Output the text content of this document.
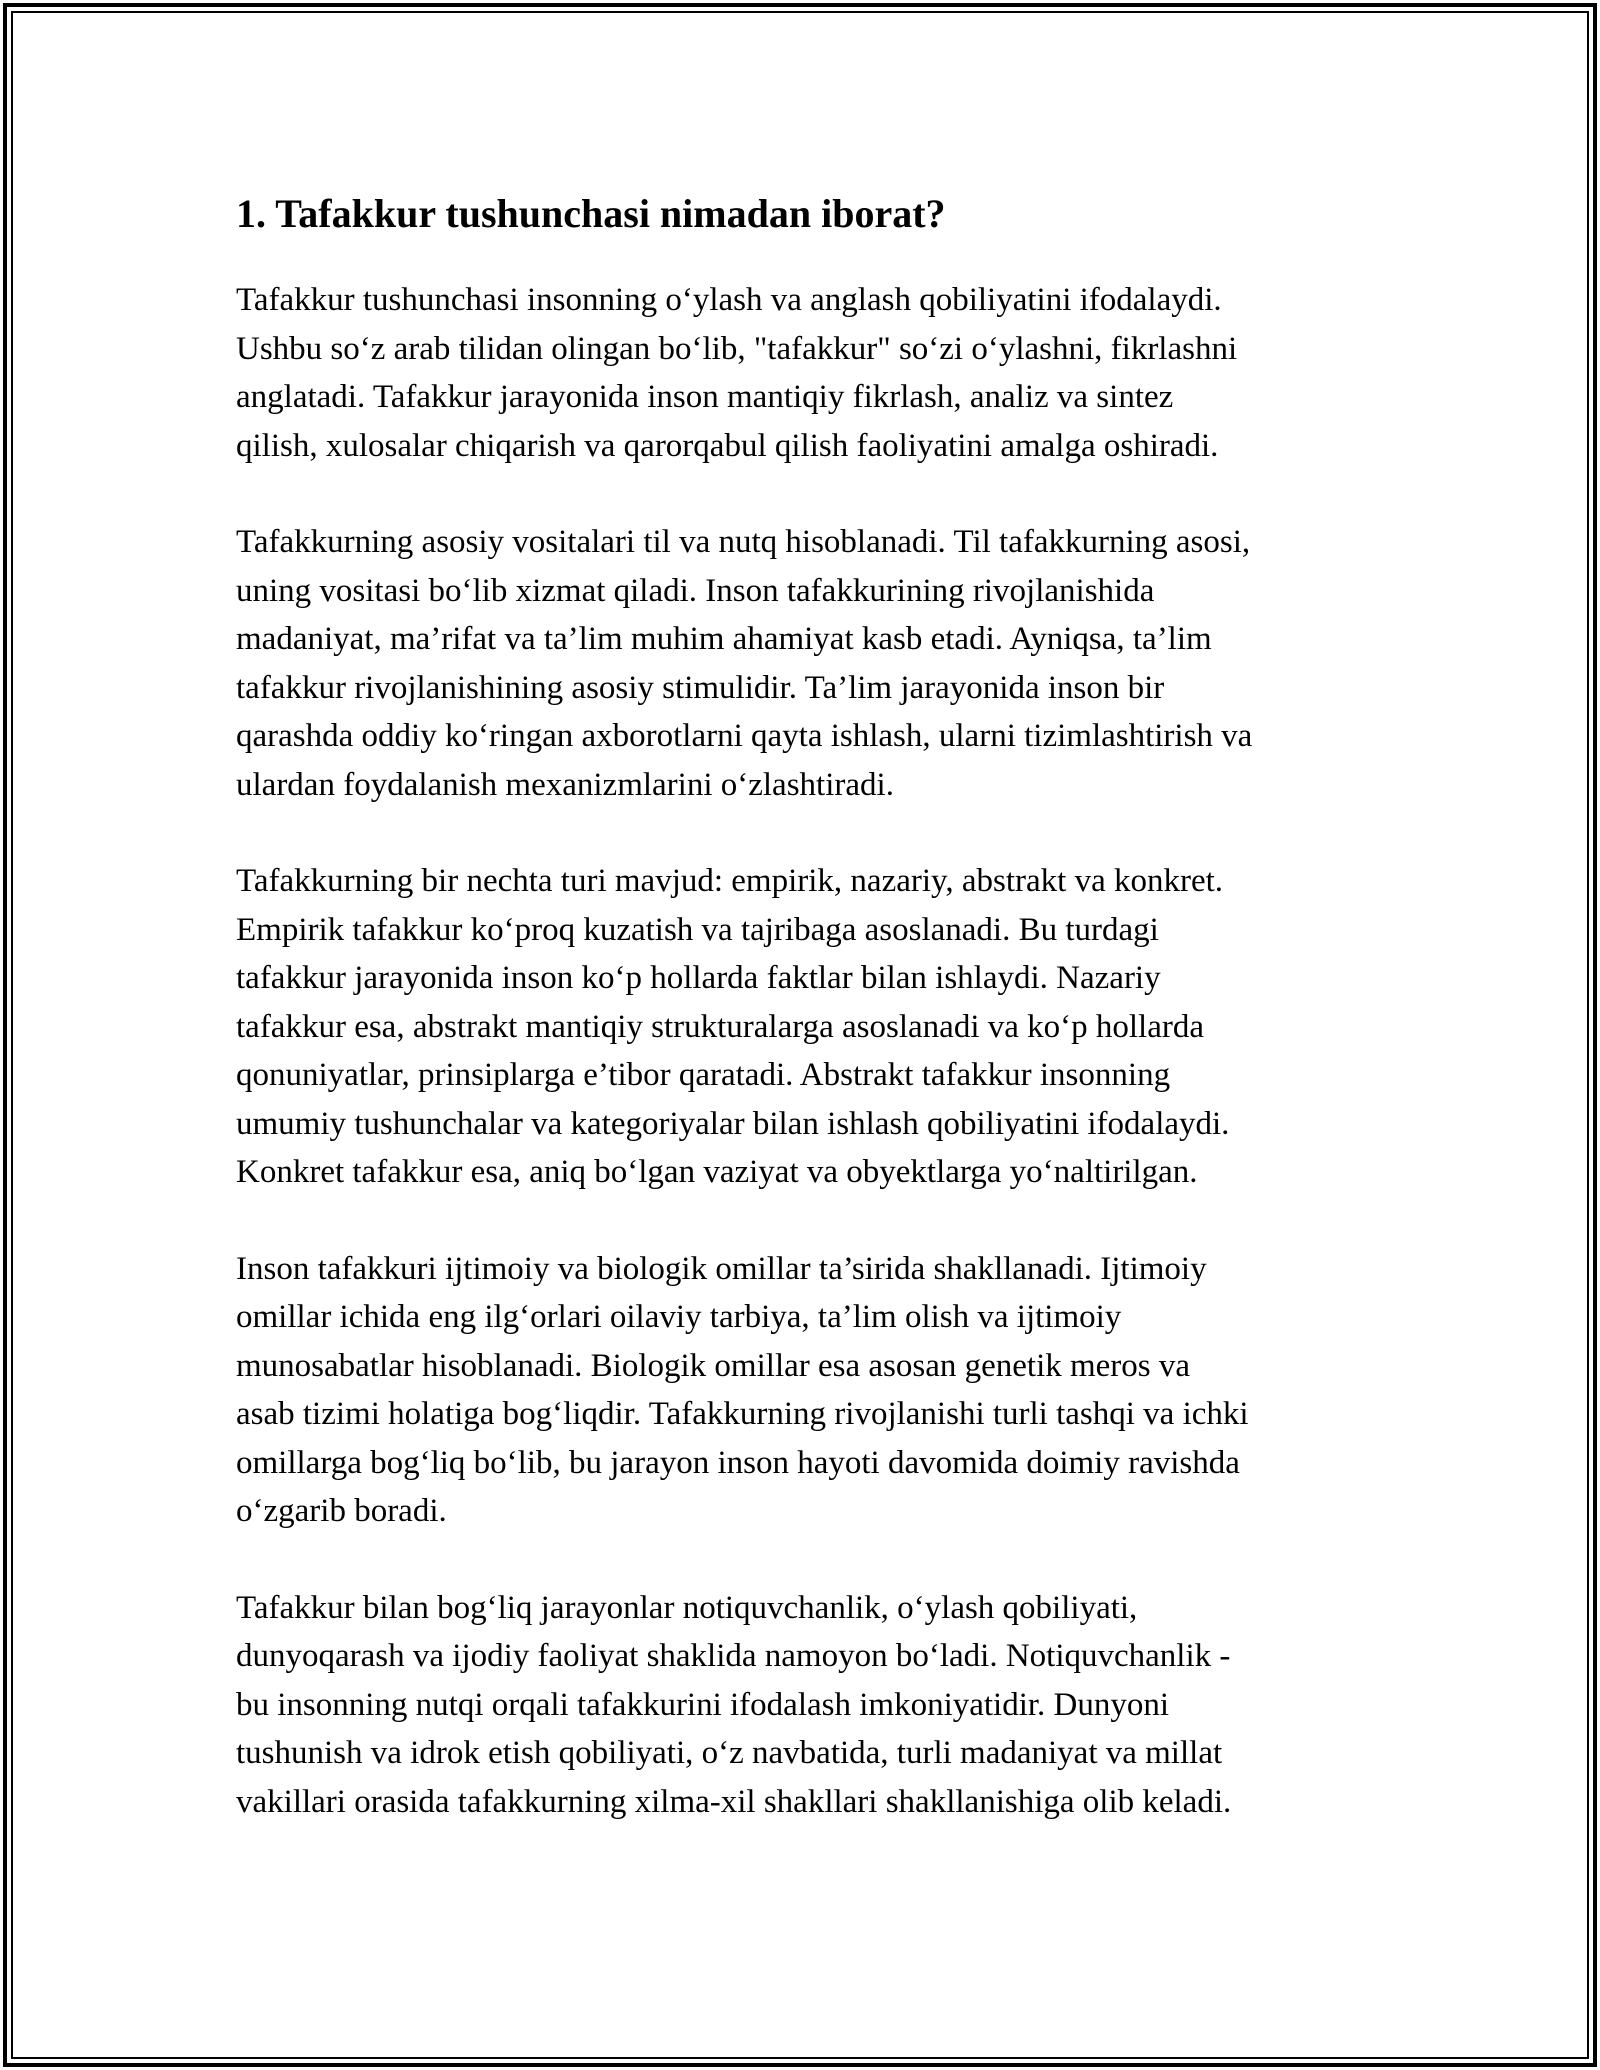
1. Tafakkur tushunchasi nimadan iborat?

Tafakkur tushunchasi insonning o‘ylash va anglash qobiliyatini ifodalaydi.
Ushbu so‘z arab tilidan olingan bo‘lib, "tafakkur" so‘zi o‘ylashni, fikrlashni
anglatadi. Tafakkur jarayonida inson mantiqiy fikrlash, analiz va sintez
qilish, xulosalar chiqarish va qarorqabul qilish faoliyatini amalga oshiradi.

Tafakkurning asosiy vositalari til va nutq hisoblanadi. Til tafakkurning asosi,
uning vositasi bo‘lib xizmat qiladi. Inson tafakkurining rivojlanishida
madaniyat, ma’rifat va ta’lim muhim ahamiyat kasb etadi. Ayniqsa, ta’lim
tafakkur rivojlanishining asosiy stimulidir. Ta’lim jarayonida inson bir
qarashda oddiy ko‘ringan axborotlarni qayta ishlash, ularni tizimlashtirish va
ulardan foydalanish mexanizmlarini o‘zlashtiradi.

Tafakkurning bir nechta turi mavjud: empirik, nazariy, abstrakt va konkret.
Empirik tafakkur ko‘proq kuzatish va tajribaga asoslanadi. Bu turdagi
tafakkur jarayonida inson ko‘p hollarda faktlar bilan ishlaydi. Nazariy
tafakkur esa, abstrakt mantiqiy strukturalarga asoslanadi va ko‘p hollarda
qonuniyatlar, prinsiplarga e’tibor qaratadi. Abstrakt tafakkur insonning
umumiy tushunchalar va kategoriyalar bilan ishlash qobiliyatini ifodalaydi.
Konkret tafakkur esa, aniq bo‘lgan vaziyat va obyektlarga yo‘naltirilgan.

Inson tafakkuri ijtimoiy va biologik omillar ta’sirida shakllanadi. Ijtimoiy
omillar ichida eng ilg‘orlari oilaviy tarbiya, ta’lim olish va ijtimoiy
munosabatlar hisoblanadi. Biologik omillar esa asosan genetik meros va
asab tizimi holatiga bog‘liqdir. Tafakkurning rivojlanishi turli tashqi va ichki
omillarga bog‘liq bo‘lib, bu jarayon inson hayoti davomida doimiy ravishda
o‘zgarib boradi.

Tafakkur bilan bog‘liq jarayonlar notiquvchanlik, o‘ylash qobiliyati,
dunyoqarash va ijodiy faoliyat shaklida namoyon bo‘ladi. Notiquvchanlik -
bu insonning nutqi orqali tafakkurini ifodalash imkoniyatidir. Dunyoni
tushunish va idrok etish qobiliyati, o‘z navbatida, turli madaniyat va millat
vakillari orasida tafakkurning xilma-xil shakllari shakllanishiga olib keladi.
